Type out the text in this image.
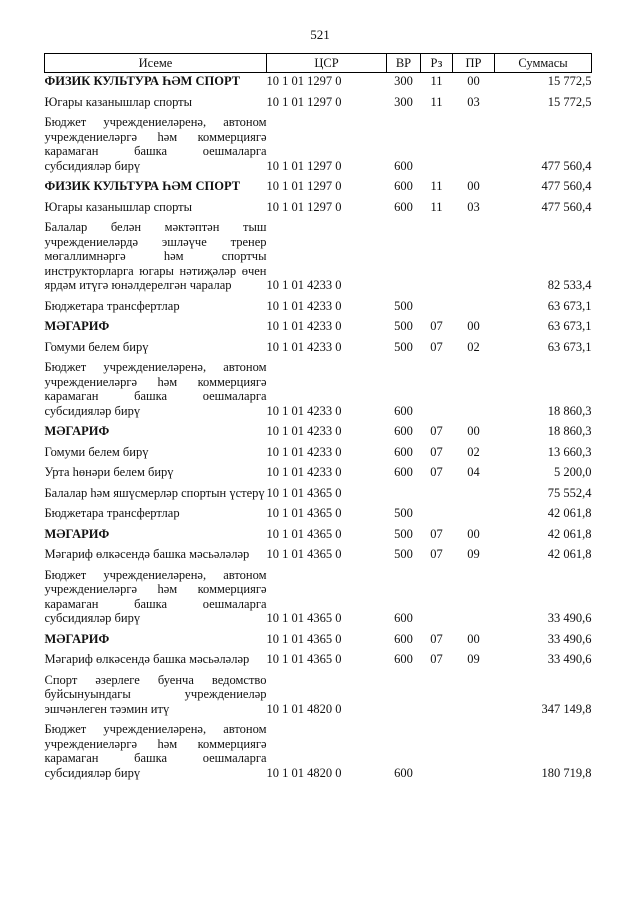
521
Исеме	ЦСР	ВР	Рз	ПР	Суммасы
ФИЗИК КУЛЬТУРА ҺӘМ СПОРТ	10 1 01 1297 0	300	11	00	15 772,5
Югары казанышлар спорты	10 1 01 1297 0	300	11	03	15 772,5
Бюджет учреждениеләренә, автоном учреждениеләргә һәм коммерциягә карамаган башка оешмаларга субсидияләр бирү	10 1 01 1297 0	600			477 560,4
ФИЗИК КУЛЬТУРА ҺӘМ СПОРТ	10 1 01 1297 0	600	11	00	477 560,4
Югары казанышлар спорты	10 1 01 1297 0	600	11	03	477 560,4
Балалар белән мәктәптән тыш учреждениеләрдә эшләүче тренер мөгаллимнәргә һәм спортчы инструкторларга югары нәтиҗәләр өчен ярдәм итүгә юнәлдерелгән чаралар	10 1 01 4233 0				82 533,4
Бюджетара трансфертлар	10 1 01 4233 0	500			63 673,1
МӘГАРИФ	10 1 01 4233 0	500	07	00	63 673,1
Гомуми белем бирү	10 1 01 4233 0	500	07	02	63 673,1
Бюджет учреждениеләренә, автоном учреждениеләргә һәм коммерциягә карамаган башка оешмаларга субсидияләр бирү	10 1 01 4233 0	600			18 860,3
МӘГАРИФ	10 1 01 4233 0	600	07	00	18 860,3
Гомуми белем бирү	10 1 01 4233 0	600	07	02	13 660,3
Урта һөнәри белем бирү	10 1 01 4233 0	600	07	04	5 200,0
Балалар һәм яшүсмерләр спортын үстерү	10 1 01 4365 0				75 552,4
Бюджетара трансфертлар	10 1 01 4365 0	500			42 061,8
МӘГАРИФ	10 1 01 4365 0	500	07	00	42 061,8
Мәгариф өлкәсендә башка мәсьәләләр	10 1 01 4365 0	500	07	09	42 061,8
Бюджет учреждениеләренә, автоном учреждениеләргә һәм коммерциягә карамаган башка оешмаларга субсидияләр бирү	10 1 01 4365 0	600			33 490,6
МӘГАРИФ	10 1 01 4365 0	600	07	00	33 490,6
Мәгариф өлкәсендә башка мәсьәләләр	10 1 01 4365 0	600	07	09	33 490,6
Спорт әзерлеге буенча ведомство буйсынуындагы учреждениеләр эшчәнлеген тәэмин итү	10 1 01 4820 0				347 149,8
Бюджет учреждениеләренә, автоном учреждениеләргә һәм коммерциягә карамаган башка оешмаларга субсидияләр бирү	10 1 01 4820 0	600			180 719,8
